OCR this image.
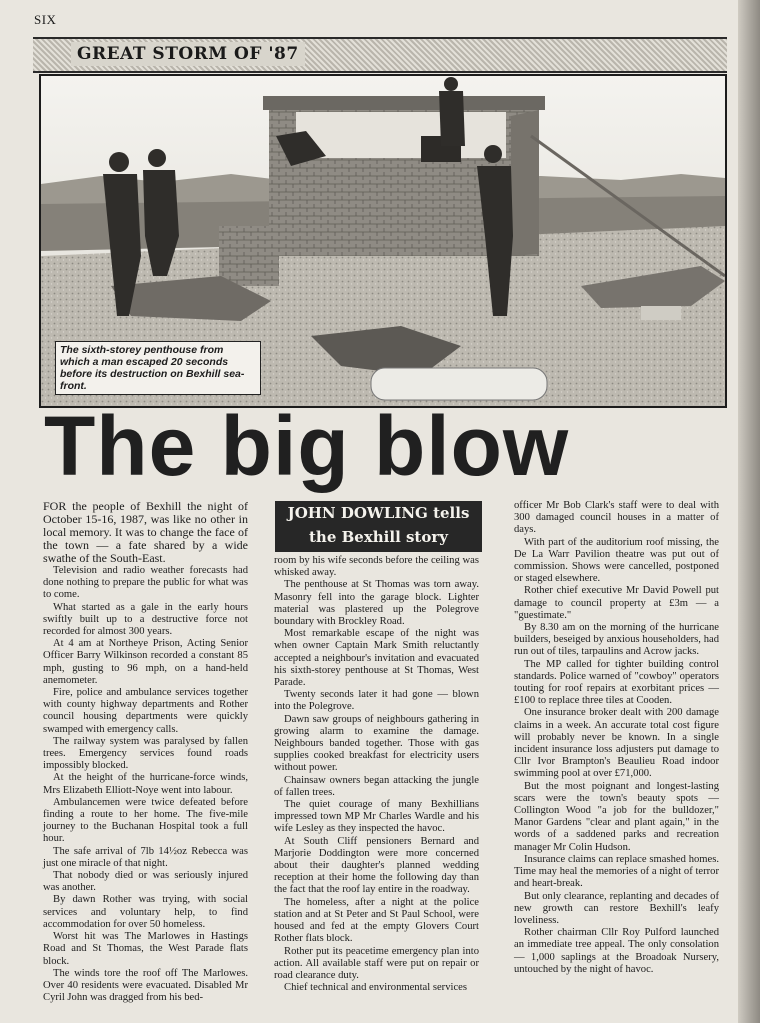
SIX
GREAT STORM OF '87
The sixth-storey penthouse from which a man escaped 20 seconds before its destruction on Bexhill sea-front.
The big blow
JOHN DOWLING tells
the Bexhill story

FOR the people of Bexhill the night of October 15-16, 1987, was like no other in local memory. It was to change the face of the town — a fate shared by a wide swathe of the South-East.

Television and radio weather forecasts had done nothing to prepare the public for what was to come.

What started as a gale in the early hours swiftly built up to a destructive force not recorded for almost 300 years.

At 4 am at Northeye Prison, Acting Senior Officer Barry Wilkinson recorded a constant 85 mph, gusting to 96 mph, on a hand-held anemometer.

Fire, police and ambulance services together with county highway departments and Rother council housing departments were quickly swamped with emergency calls.

The railway system was paralysed by fallen trees. Emergency services found roads impossibly blocked.

At the height of the hurricane-force winds, Mrs Elizabeth Elliott-Noye went into labour.

Ambulancemen were twice defeated before finding a route to her home. The five-mile journey to the Buchanan Hospital took a full hour.

The safe arrival of 7lb 14½oz Rebecca was just one miracle of that night.

That nobody died or was seriously injured was another.

By dawn Rother was trying, with social services and voluntary help, to find accommodation for over 50 homeless.

Worst hit was The Marlowes in Hastings Road and St Thomas, the West Parade flats block.

The winds tore the roof off The Marlowes. Over 40 residents were evacuated. Disabled Mr Cyril John was dragged from his bed-

room by his wife seconds before the ceiling was whisked away.

The penthouse at St Thomas was torn away. Masonry fell into the garage block. Lighter material was plastered up the Polegrove boundary with Brockley Road.

Most remarkable escape of the night was when owner Captain Mark Smith reluctantly accepted a neighbour's invitation and evacuated his sixth-storey penthouse at St Thomas, West Parade.

Twenty seconds later it had gone — blown into the Polegrove.

Dawn saw groups of neighbours gathering in growing alarm to examine the damage. Neighbours banded together. Those with gas supplies cooked breakfast for electricity users without power.

Chainsaw owners began attacking the jungle of fallen trees.

The quiet courage of many Bexhillians impressed town MP Mr Charles Wardle and his wife Lesley as they inspected the havoc.

At South Cliff pensioners Bernard and Marjorie Doddington were more concerned about their daughter's planned wedding reception at their home the following day than the fact that the roof lay entire in the roadway.

The homeless, after a night at the police station and at St Peter and St Paul School, were housed and fed at the empty Glovers Court Rother flats block.

Rother put its peacetime emergency plan into action. All available staff were put on repair or road clearance duty.

Chief technical and environmental services

officer Mr Bob Clark's staff were to deal with 300 damaged council houses in a matter of days.

With part of the auditorium roof missing, the De La Warr Pavilion theatre was put out of commission. Shows were cancelled, postponed or staged elsewhere.

Rother chief executive Mr David Powell put damage to council property at £3m — a "guestimate."

By 8.30 am on the morning of the hurricane builders, beseiged by anxious householders, had run out of tiles, tarpaulins and Acrow jacks.

The MP called for tighter building control standards. Police warned of "cowboy" operators touting for roof repairs at exorbitant prices — £100 to replace three tiles at Cooden.

One insurance broker dealt with 200 damage claims in a week. An accurate total cost figure will probably never be known. In a single incident insurance loss adjusters put damage to Cllr Ivor Brampton's Beaulieu Road indoor swimming pool at over £71,000.

But the most poignant and longest-lasting scars were the town's beauty spots — Collington Wood "a job for the bulldozer," Manor Gardens "clear and plant again," in the words of a saddened parks and recreation manager Mr Colin Hudson.

Insurance claims can replace smashed homes. Time may heal the memories of a night of terror and heart-break.

But only clearance, replanting and decades of new growth can restore Bexhill's leafy loveliness.

Rother chairman Cllr Roy Pulford launched an immediate tree appeal. The only consolation — 1,000 saplings at the Broadoak Nursery, untouched by the night of havoc.
